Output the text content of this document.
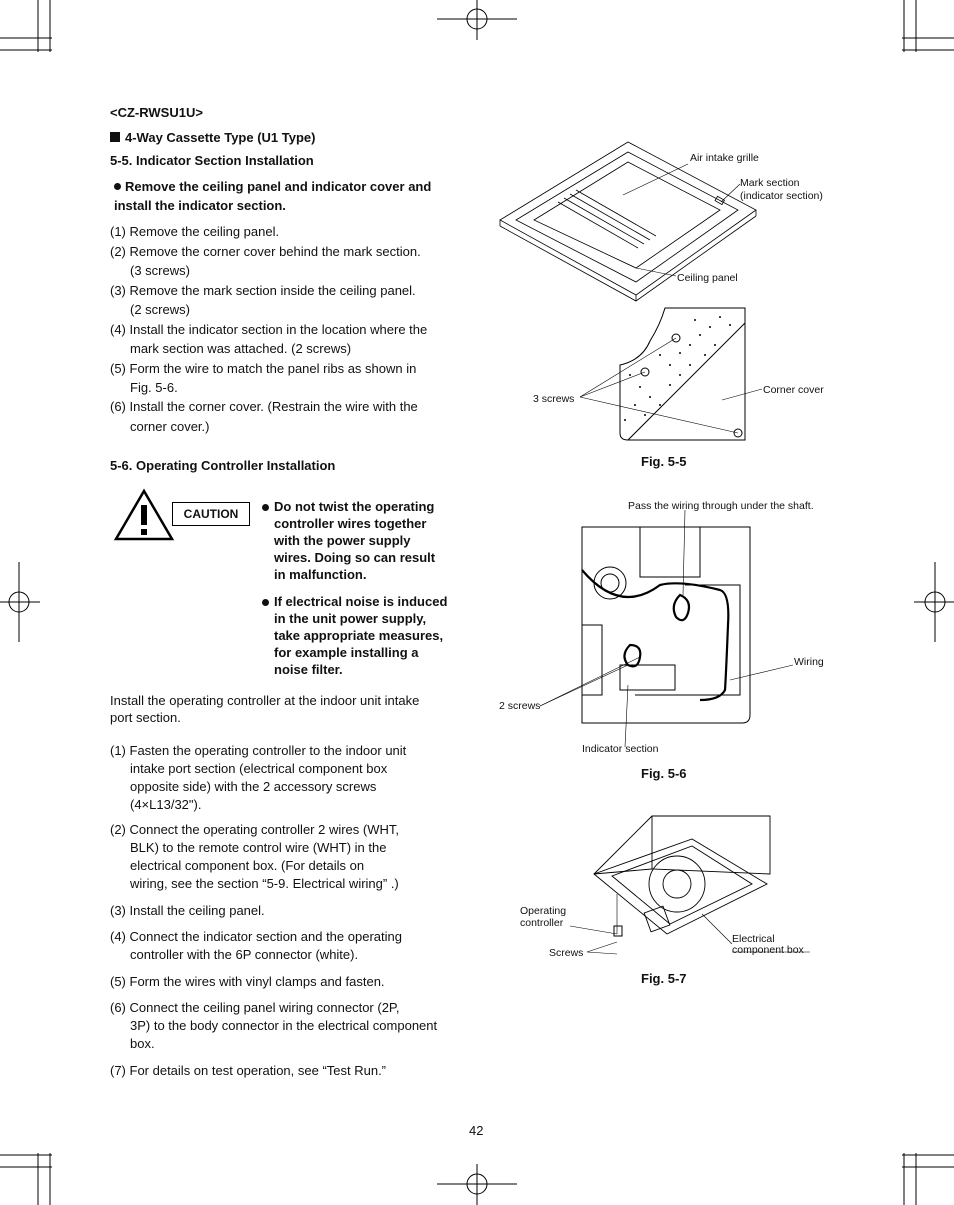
<CZ-RWSU1U>
4-Way Cassette Type (U1 Type)
5-5. Indicator Section Installation
Remove the ceiling panel and indicator cover and install the indicator section.
(1) Remove the ceiling panel.
(2) Remove the corner cover behind the mark section.
(3 screws)
(3) Remove the mark section inside the ceiling panel.
(2 screws)
(4) Install the indicator section in the location where the
mark section was attached. (2 screws)
(5) Form the wire to match the panel ribs as shown in
Fig. 5-6.
(6) Install the corner cover. (Restrain the wire with the
corner cover.)
5-6. Operating Controller Installation
CAUTION	Do not twist the operating
controller wires together
with the power supply
wires. Doing so can result
in malfunction.
If electrical noise is induced
in the unit power supply,
take appropriate measures,
for example installing a
noise filter.
Install the operating controller at the indoor unit intake
port section.
(1) Fasten the operating controller to the indoor unit
intake port section (electrical component box
opposite side) with the 2 accessory screws
(4×L13/32").
(2) Connect the operating controller 2 wires (WHT,
BLK) to the remote control wire (WHT) in the
electrical component box. (For details on
wiring, see the section “5-9. Electrical wiring” .)
(3) Install the ceiling panel.
(4) Connect the indicator section and the operating
controller with the 6P connector (white).
(5) Form the wires with vinyl clamps and fasten.
(6) Connect the ceiling panel wiring connector (2P,
3P) to the body connector in the electrical component
box.
(7) For details on test operation, see “Test Run.”
Air intake grille
Mark section
(indicator section)
Ceiling panel
3 screws
Corner cover
Fig. 5-5
Pass the wiring through under the shaft.
Wiring
2 screws
Indicator section
Fig. 5-6
Operating
controller
Screws
Electrical
component box
Fig. 5-7
42
